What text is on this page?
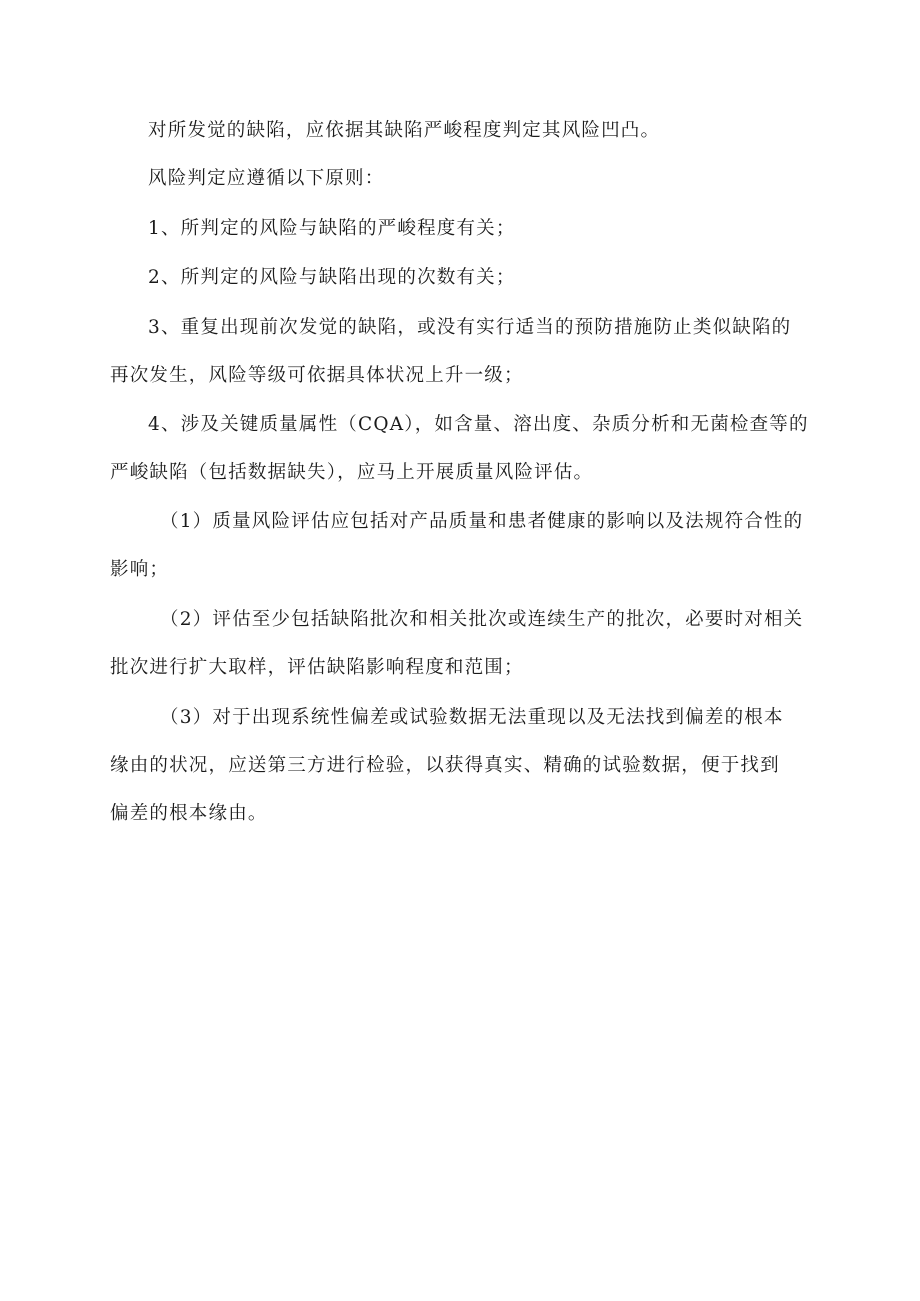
对所发觉的缺陷，应依据其缺陷严峻程度判定其风险凹凸。

风险判定应遵循以下原则：

1、所判定的风险与缺陷的严峻程度有关；

2、所判定的风险与缺陷出现的次数有关；

3、重复出现前次发觉的缺陷，或没有实行适当的预防措施防止类似缺陷的
再次发生，风险等级可依据具体状况上升一级；

4、涉及关键质量属性（CQA），如含量、溶出度、杂质分析和无菌检查等的
严峻缺陷（包括数据缺失），应马上开展质量风险评估。

（1）质量风险评估应包括对产品质量和患者健康的影响以及法规符合性的
影响；

（2）评估至少包括缺陷批次和相关批次或连续生产的批次，必要时对相关
批次进行扩大取样，评估缺陷影响程度和范围；

（3）对于出现系统性偏差或试验数据无法重现以及无法找到偏差的根本
缘由的状况，应送第三方进行检验，以获得真实、精确的试验数据，便于找到
偏差的根本缘由。
